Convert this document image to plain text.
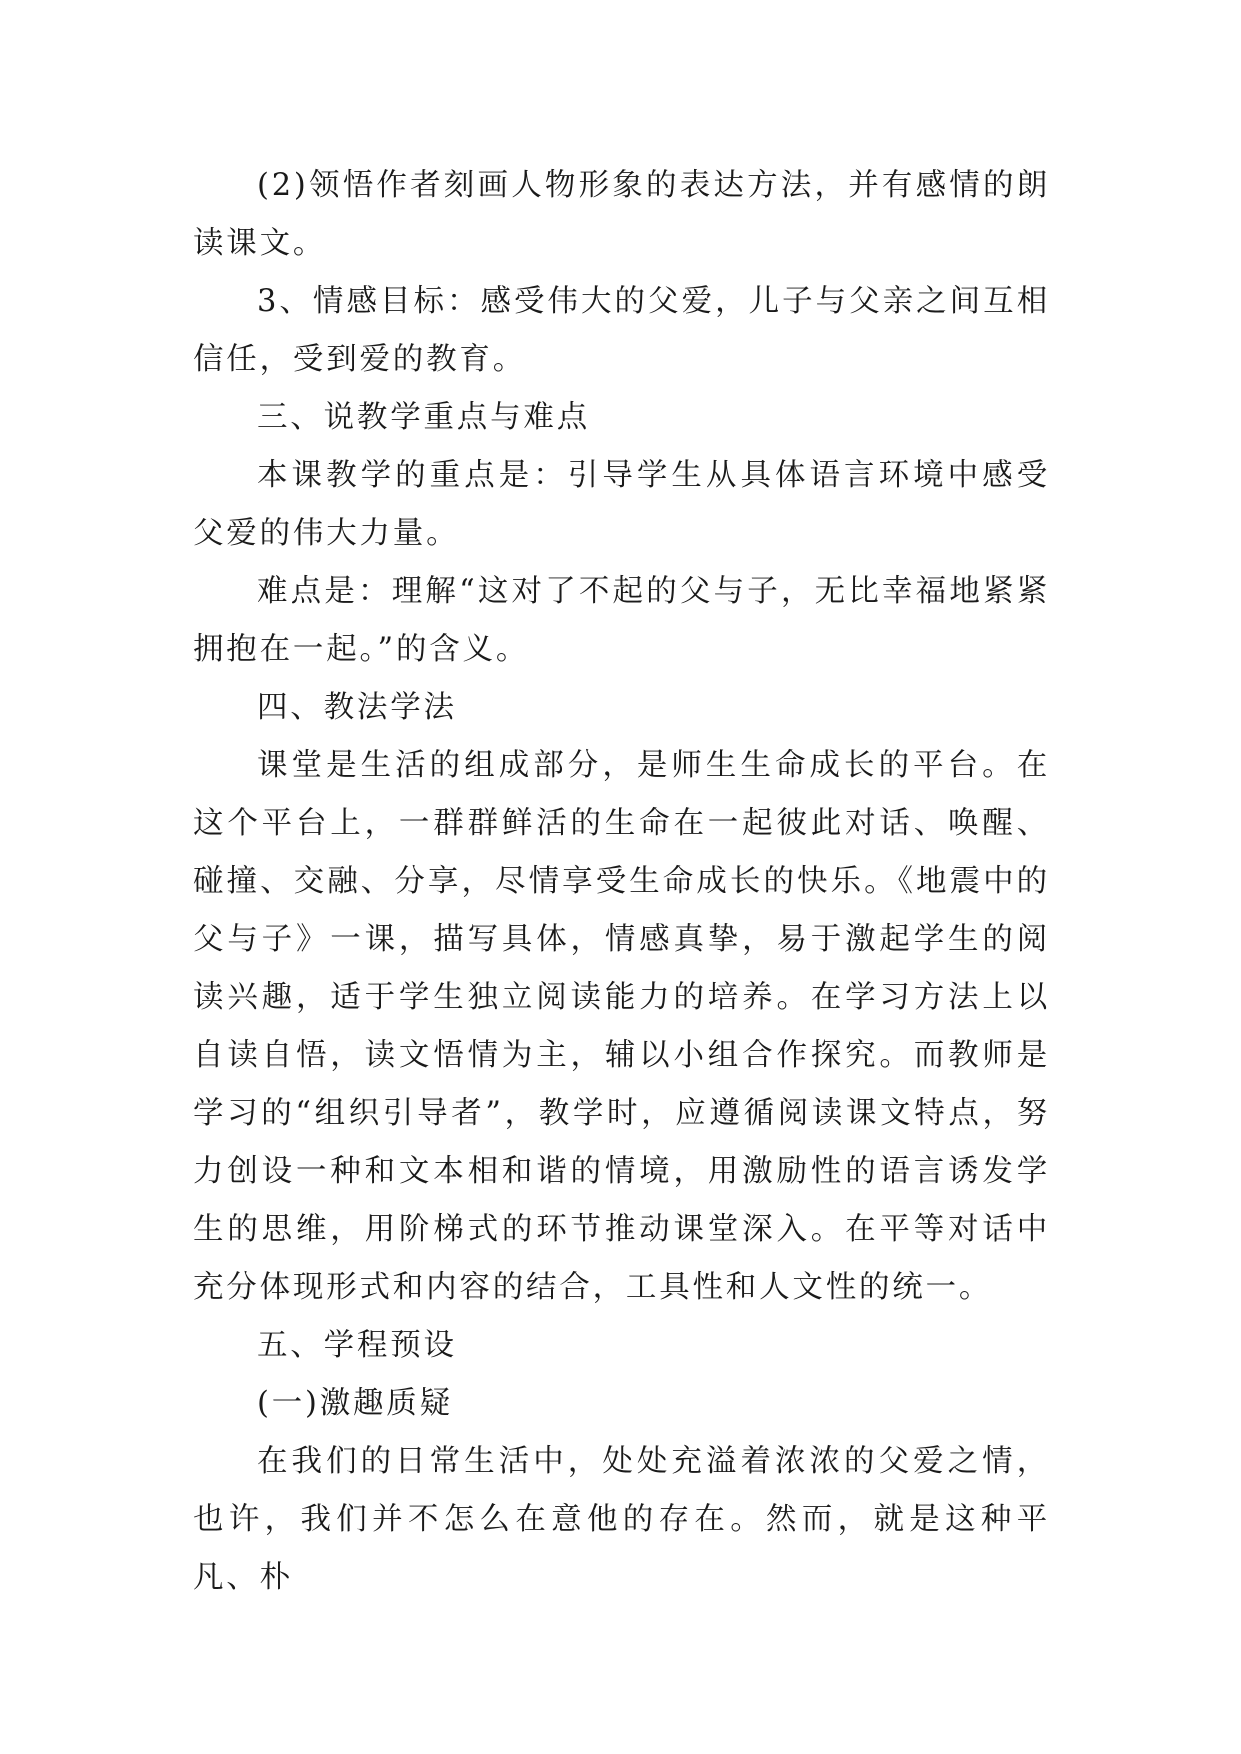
(2)领悟作者刻画人物形象的表达方法，并有感情的朗读课文。

3、情感目标：感受伟大的父爱，儿子与父亲之间互相信任，受到爱的教育。

三、说教学重点与难点

本课教学的重点是：引导学生从具体语言环境中感受父爱的伟大力量。

难点是：理解“这对了不起的父与子，无比幸福地紧紧拥抱在一起。”的含义。

四、教法学法

课堂是生活的组成部分，是师生生命成长的平台。在这个平台上，一群群鲜活的生命在一起彼此对话、唤醒、碰撞、交融、分享，尽情享受生命成长的快乐。《地震中的父与子》一课，描写具体，情感真挚，易于激起学生的阅读兴趣，适于学生独立阅读能力的培养。在学习方法上以自读自悟，读文悟情为主，辅以小组合作探究。而教师是学习的“组织引导者”，教学时，应遵循阅读课文特点，努力创设一种和文本相和谐的情境，用激励性的语言诱发学生的思维，用阶梯式的环节推动课堂深入。在平等对话中充分体现形式和内容的结合，工具性和人文性的统一。

五、学程预设

(一)激趣质疑

在我们的日常生活中，处处充溢着浓浓的父爱之情，也许，我们并不怎么在意他的存在。然而，就是这种平凡、朴
